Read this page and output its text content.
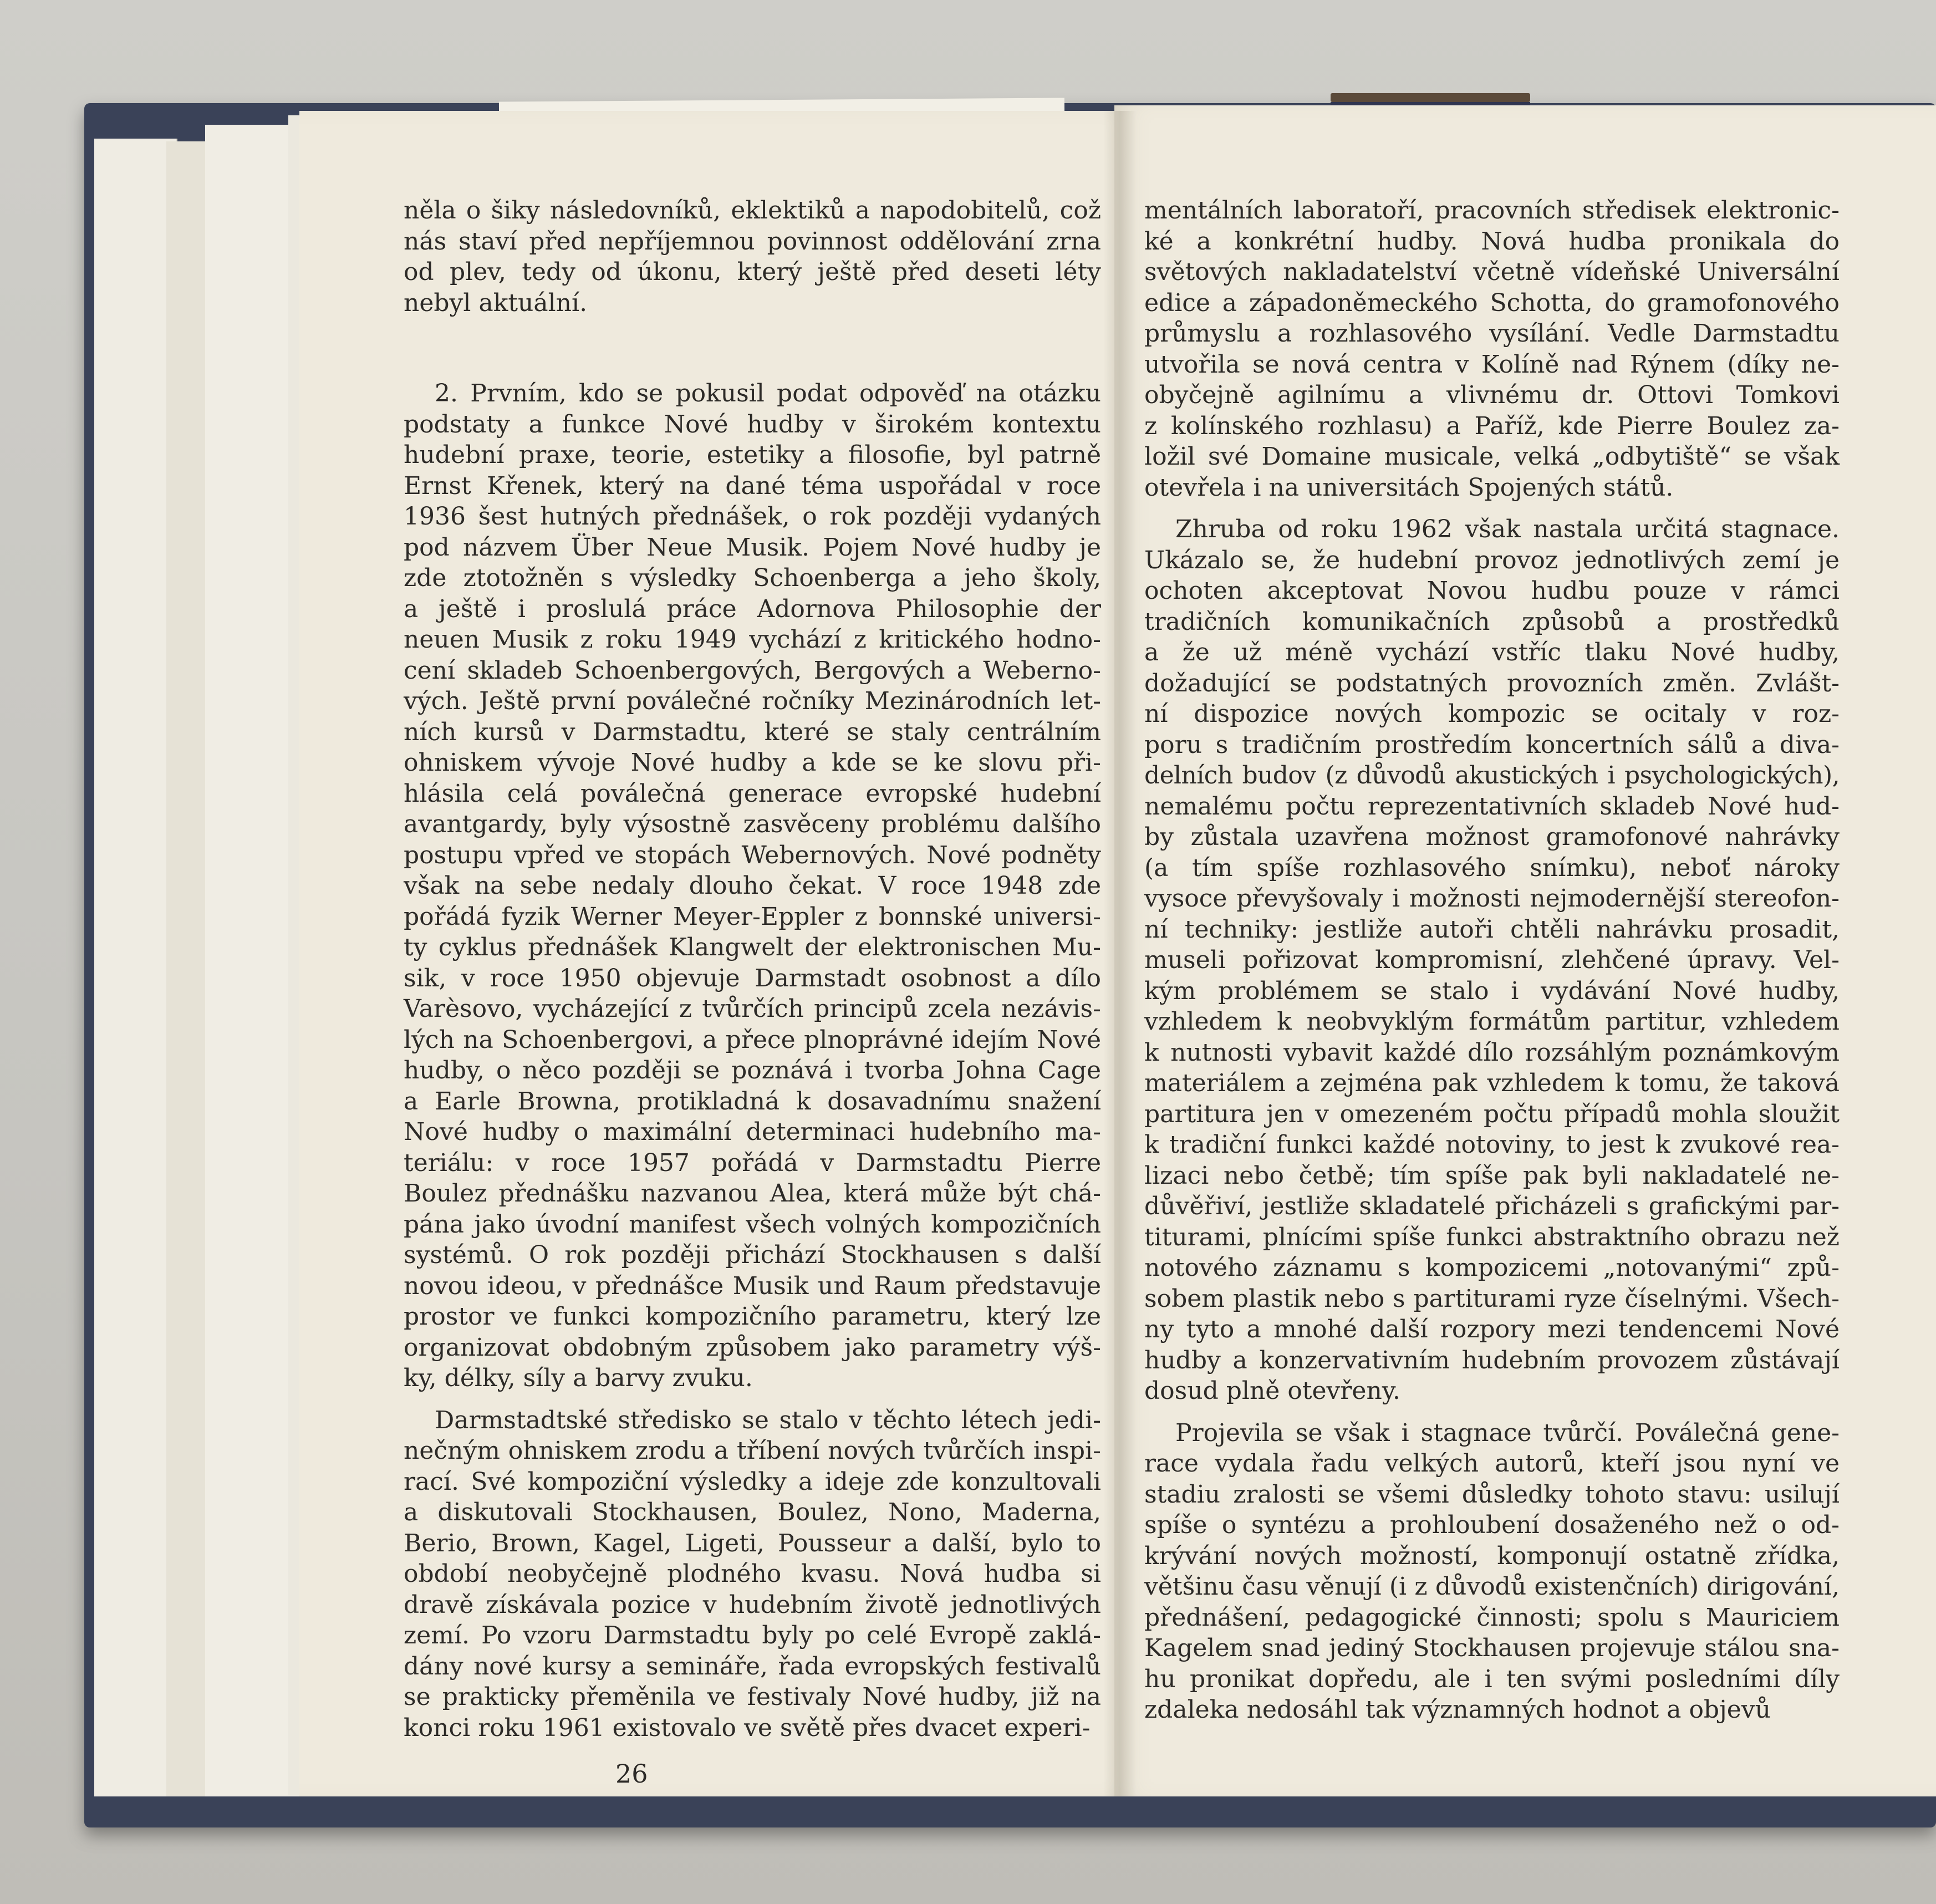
něla o šiky následovníků, eklektiků a napodobitelů, což
nás staví před nepříjemnou povinnost oddělování zrna
od plev, tedy od úkonu, který ještě před deseti léty
nebyl aktuální.

2. Prvním, kdo se pokusil podat odpověď na otázku
podstaty a funkce Nové hudby v širokém kontextu
hudební praxe, teorie, estetiky a filosofie, byl patrně
Ernst Křenek, který na dané téma uspořádal v roce
1936 šest hutných přednášek, o rok později vydaných
pod názvem Über Neue Musik. Pojem Nové hudby je
zde ztotožněn s výsledky Schoenberga a jeho školy,
a ještě i proslulá práce Adornova Philosophie der
neuen Musik z roku 1949 vychází z kritického hodno-
cení skladeb Schoenbergových, Bergových a Weberno-
vých. Ještě první poválečné ročníky Mezinárodních let-
ních kursů v Darmstadtu, které se staly centrálním
ohniskem vývoje Nové hudby a kde se ke slovu při-
hlásila celá poválečná generace evropské hudební
avantgardy, byly výsostně zasvěceny problému dalšího
postupu vpřed ve stopách Webernových. Nové podněty
však na sebe nedaly dlouho čekat. V roce 1948 zde
pořádá fyzik Werner Meyer-Eppler z bonnské universi-
ty cyklus přednášek Klangwelt der elektronischen Mu-
sik, v roce 1950 objevuje Darmstadt osobnost a dílo
Varèsovo, vycházející z tvůrčích principů zcela nezávis-
lých na Schoenbergovi, a přece plnoprávné idejím Nové
hudby, o něco později se poznává i tvorba Johna Cage
a Earle Browna, protikladná k dosavadnímu snažení
Nové hudby o maximální determinaci hudebního ma-
teriálu: v roce 1957 pořádá v Darmstadtu Pierre
Boulez přednášku nazvanou Alea, která může být chá-
pána jako úvodní manifest všech volných kompozičních
systémů. O rok později přichází Stockhausen s další
novou ideou, v přednášce Musik und Raum představuje
prostor ve funkci kompozičního parametru, který lze
organizovat obdobným způsobem jako parametry výš-
ky, délky, síly a barvy zvuku.

Darmstadtské středisko se stalo v těchto létech jedi-
nečným ohniskem zrodu a tříbení nových tvůrčích inspi-
rací. Své kompoziční výsledky a ideje zde konzultovali
a diskutovali Stockhausen, Boulez, Nono, Maderna,
Berio, Brown, Kagel, Ligeti, Pousseur a další, bylo to
období neobyčejně plodného kvasu. Nová hudba si
dravě získávala pozice v hudebním životě jednotlivých
zemí. Po vzoru Darmstadtu byly po celé Evropě zaklá-
dány nové kursy a semináře, řada evropských festivalů
se prakticky přeměnila ve festivaly Nové hudby, již na
konci roku 1961 existovalo ve světě přes dvacet experi-

mentálních laboratoří, pracovních středisek elektronic-
ké a konkrétní hudby. Nová hudba pronikala do
světových nakladatelství včetně vídeňské Universální
edice a západoněmeckého Schotta, do gramofonového
průmyslu a rozhlasového vysílání. Vedle Darmstadtu
utvořila se nová centra v Kolíně nad Rýnem (díky ne-
obyčejně agilnímu a vlivnému dr. Ottovi Tomkovi
z kolínského rozhlasu) a Paříž, kde Pierre Boulez za-
ložil své Domaine musicale, velká „odbytiště“ se však
otevřela i na universitách Spojených států.

Zhruba od roku 1962 však nastala určitá stagnace.
Ukázalo se, že hudební provoz jednotlivých zemí je
ochoten akceptovat Novou hudbu pouze v rámci
tradičních komunikačních způsobů a prostředků
a že už méně vychází vstříc tlaku Nové hudby,
dožadující se podstatných provozních změn. Zvlášt-
ní dispozice nových kompozic se ocitaly v roz-
poru s tradičním prostředím koncertních sálů a diva-
delních budov (z důvodů akustických i psychologických),
nemalému počtu reprezentativních skladeb Nové hud-
by zůstala uzavřena možnost gramofonové nahrávky
(a tím spíše rozhlasového snímku), neboť nároky
vysoce převyšovaly i možnosti nejmodernější stereofon-
ní techniky: jestliže autoři chtěli nahrávku prosadit,
museli pořizovat kompromisní, zlehčené úpravy. Vel-
kým problémem se stalo i vydávání Nové hudby,
vzhledem k neobvyklým formátům partitur, vzhledem
k nutnosti vybavit každé dílo rozsáhlým poznámkovým
materiálem a zejména pak vzhledem k tomu, že taková
partitura jen v omezeném počtu případů mohla sloužit
k tradiční funkci každé notoviny, to jest k zvukové rea-
lizaci nebo četbě; tím spíše pak byli nakladatelé ne-
důvěřiví, jestliže skladatelé přicházeli s grafickými par-
titurami, plnícími spíše funkci abstraktního obrazu než
notového záznamu s kompozicemi „notovanými“ způ-
sobem plastik nebo s partiturami ryze číselnými. Všech-
ny tyto a mnohé další rozpory mezi tendencemi Nové
hudby a konzervativním hudebním provozem zůstávají
dosud plně otevřeny.

Projevila se však i stagnace tvůrčí. Poválečná gene-
race vydala řadu velkých autorů, kteří jsou nyní ve
stadiu zralosti se všemi důsledky tohoto stavu: usilují
spíše o syntézu a prohloubení dosaženého než o od-
krývání nových možností, komponují ostatně zřídka,
většinu času věnují (i z důvodů existenčních) dirigování,
přednášení, pedagogické činnosti; spolu s Mauriciem
Kagelem snad jediný Stockhausen projevuje stálou sna-
hu pronikat dopředu, ale i ten svými posledními díly
zdaleka nedosáhl tak významných hodnot a objevů

26
